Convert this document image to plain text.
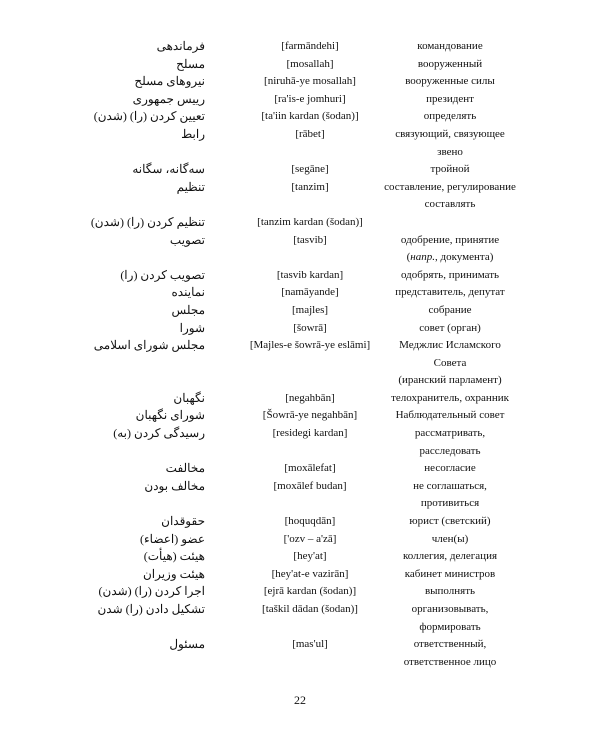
فرماندهی	[farmāndehi]	командование
مسلح	[mosallah]	вооруженный
نیروهای مسلح	[niruhā-ye mosallah]	вооруженные силы
رییس جمهوری	[ra'is-e jomhuri]	президент
تعیین کردن (را) (شدن)	[ta'iin kardan (šodan)]	определять
رابط	[rābet]	связующий, связующее
звено
سه‌گانه، سگانه	[segāne]	тройной
تنظیم	[tanzim]	составление, регулирование
составлять
تنظیم کردن (را) (شدن)	[tanzim kardan (šodan)]
تصویب	[tasvib]	одобрение, принятие
(напр., документа)
تصویب کردن (را)	[tasvib kardan]	одобрять, принимать
نماینده	[namāyande]	представитель, депутат
مجلس	[majles]	собрание
شورا	[šowrā]	совет (орган)
مجلس شورای اسلامی	[Majles-e šowrā-ye eslāmi]	Меджлис Исламского
Совета
(иранский парламент)
نگهبان	[negahbān]	телохранитель, охранник
شورای نگهبان	[Šowrā-ye negahbān]	Наблюдательный совет
رسیدگی کردن (به)	[residegi kardan]	рассматривать,
расследовать
مخالفت	[moxālefat]	несогласие
مخالف بودن	[moxālef budan]	не соглашаться,
противиться
حقوقدان	[hoquqdān]	юрист (светский)
عضو (اعضاء)	['ozv – a'zā]	член(ы)
هیئت (هیأت)	[hey'at]	коллегия, делегация
هیئت وزیران	[hey'at-e vazirān]	кабинет министров
اجرا کردن (را) (شدن)	[ejrā kardan (šodan)]	выполнять
تشکیل دادن (را) شدن	[taškil dādan (šodan)]	организовывать,
формировать
مسئول	[mas'ul]	ответственный,
ответственное лицо
22
